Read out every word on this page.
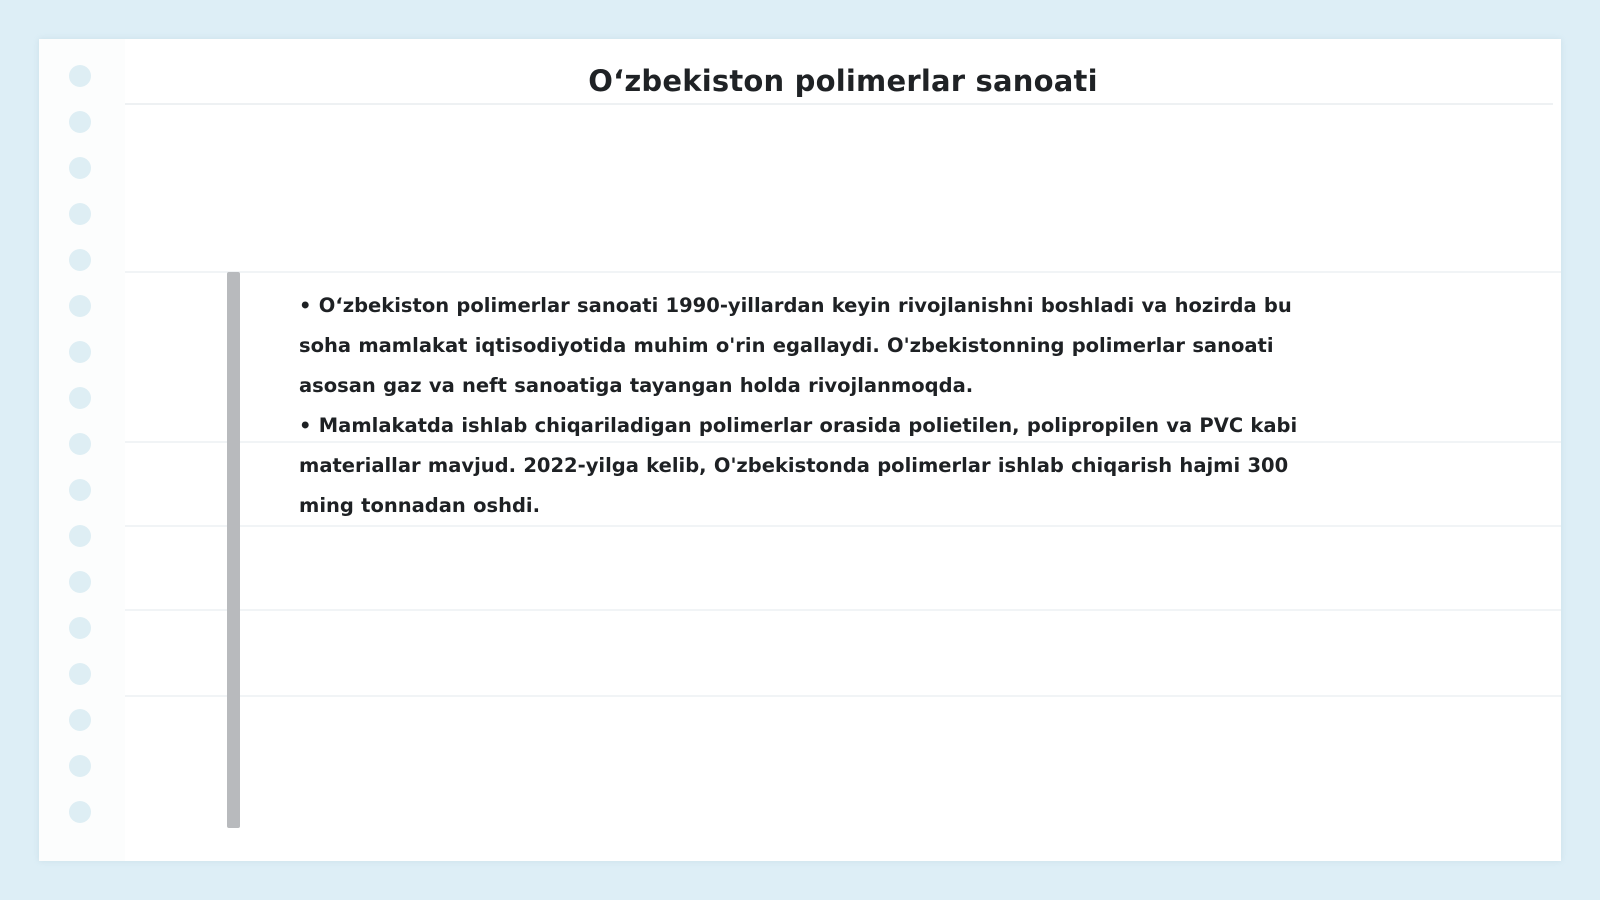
O‘zbekiston polimerlar sanoati

• O‘zbekiston polimerlar sanoati 1990-yillardan keyin rivojlanishni boshladi va hozirda bu soha mamlakat iqtisodiyotida muhim o'rin egallaydi. O'zbekistonning polimerlar sanoati asosan gaz va neft sanoatiga tayangan holda rivojlanmoqda.

• Mamlakatda ishlab chiqariladigan polimerlar orasida polietilen, polipropilen va PVC kabi materiallar mavjud. 2022-yilga kelib, O'zbekistonda polimerlar ishlab chiqarish hajmi 300 ming tonnadan oshdi.
